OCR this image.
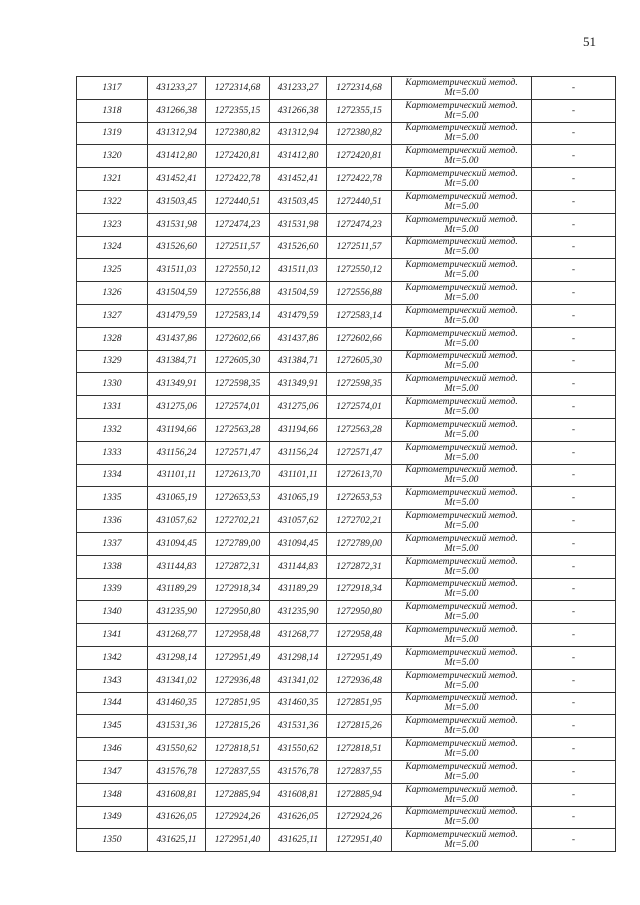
51
1317	431233,27	1272314,68	431233,27	1272314,68	Картометрический метод.
Mt=5.00	-
1318	431266,38	1272355,15	431266,38	1272355,15	Картометрический метод.
Mt=5.00	-
1319	431312,94	1272380,82	431312,94	1272380,82	Картометрический метод.
Mt=5.00	-
1320	431412,80	1272420,81	431412,80	1272420,81	Картометрический метод.
Mt=5.00	-
1321	431452,41	1272422,78	431452,41	1272422,78	Картометрический метод.
Mt=5.00	-
1322	431503,45	1272440,51	431503,45	1272440,51	Картометрический метод.
Mt=5.00	-
1323	431531,98	1272474,23	431531,98	1272474,23	Картометрический метод.
Mt=5.00	-
1324	431526,60	1272511,57	431526,60	1272511,57	Картометрический метод.
Mt=5.00	-
1325	431511,03	1272550,12	431511,03	1272550,12	Картометрический метод.
Mt=5.00	-
1326	431504,59	1272556,88	431504,59	1272556,88	Картометрический метод.
Mt=5.00	-
1327	431479,59	1272583,14	431479,59	1272583,14	Картометрический метод.
Mt=5.00	-
1328	431437,86	1272602,66	431437,86	1272602,66	Картометрический метод.
Mt=5.00	-
1329	431384,71	1272605,30	431384,71	1272605,30	Картометрический метод.
Mt=5.00	-
1330	431349,91	1272598,35	431349,91	1272598,35	Картометрический метод.
Mt=5.00	-
1331	431275,06	1272574,01	431275,06	1272574,01	Картометрический метод.
Mt=5.00	-
1332	431194,66	1272563,28	431194,66	1272563,28	Картометрический метод.
Mt=5.00	-
1333	431156,24	1272571,47	431156,24	1272571,47	Картометрический метод.
Mt=5.00	-
1334	431101,11	1272613,70	431101,11	1272613,70	Картометрический метод.
Mt=5.00	-
1335	431065,19	1272653,53	431065,19	1272653,53	Картометрический метод.
Mt=5.00	-
1336	431057,62	1272702,21	431057,62	1272702,21	Картометрический метод.
Mt=5.00	-
1337	431094,45	1272789,00	431094,45	1272789,00	Картометрический метод.
Mt=5.00	-
1338	431144,83	1272872,31	431144,83	1272872,31	Картометрический метод.
Mt=5.00	-
1339	431189,29	1272918,34	431189,29	1272918,34	Картометрический метод.
Mt=5.00	-
1340	431235,90	1272950,80	431235,90	1272950,80	Картометрический метод.
Mt=5.00	-
1341	431268,77	1272958,48	431268,77	1272958,48	Картометрический метод.
Mt=5.00	-
1342	431298,14	1272951,49	431298,14	1272951,49	Картометрический метод.
Mt=5.00	-
1343	431341,02	1272936,48	431341,02	1272936,48	Картометрический метод.
Mt=5.00	-
1344	431460,35	1272851,95	431460,35	1272851,95	Картометрический метод.
Mt=5.00	-
1345	431531,36	1272815,26	431531,36	1272815,26	Картометрический метод.
Mt=5.00	-
1346	431550,62	1272818,51	431550,62	1272818,51	Картометрический метод.
Mt=5.00	-
1347	431576,78	1272837,55	431576,78	1272837,55	Картометрический метод.
Mt=5.00	-
1348	431608,81	1272885,94	431608,81	1272885,94	Картометрический метод.
Mt=5.00	-
1349	431626,05	1272924,26	431626,05	1272924,26	Картометрический метод.
Mt=5.00	-
1350	431625,11	1272951,40	431625,11	1272951,40	Картометрический метод.
Mt=5.00	-
